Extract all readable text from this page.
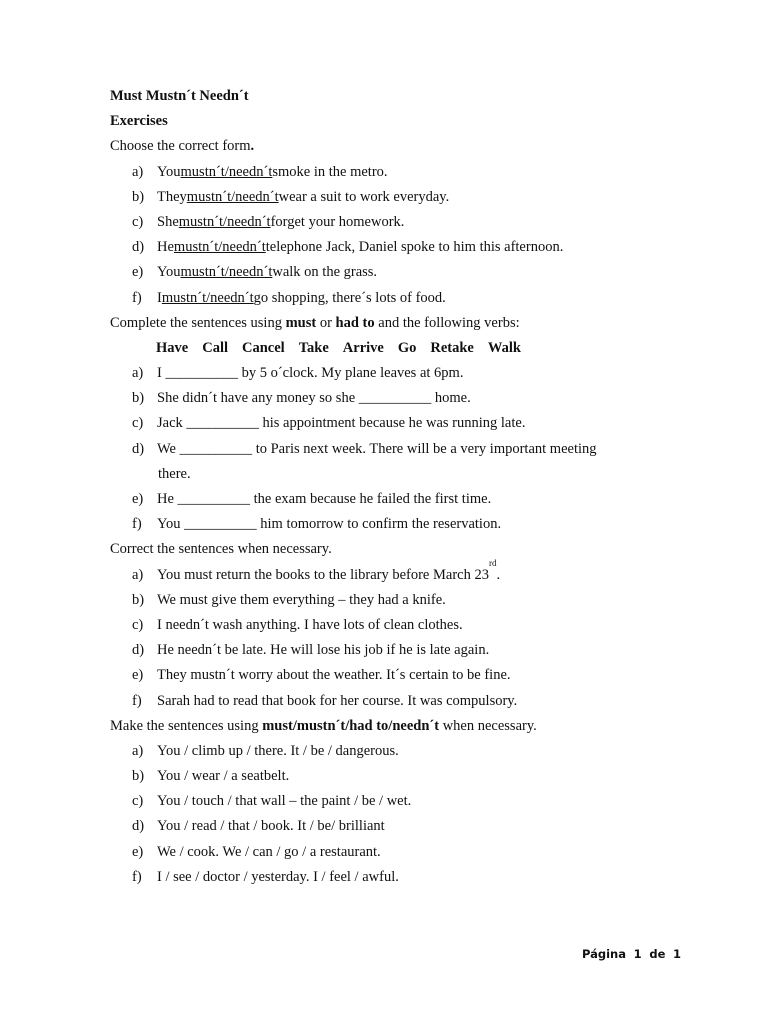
Must Mustn´t Needn´t
Exercises
Choose the correct form.
a) You mustn´t/needn´t smoke in the metro.
b) They mustn´t/needn´t wear a suit to work everyday.
c) She mustn´t/needn´t forget your homework.
d) He mustn´t/needn´t telephone Jack, Daniel spoke to him this afternoon.
e) You mustn´t/needn´t walk on the grass.
f)	I mustn´t/needn´t go shopping, there´s lots of food.
Complete the sentences using must or had to and the following verbs:
Have Call Cancel Take Arrive Go Retake Walk
a) I __________ by 5 o´clock. My plane leaves at 6pm.
b) She didn´t have any money so she __________ home.
c) Jack __________ his appointment because he was running late.
d) We __________ to Paris next week. There will be a very important meeting
there.
e) He __________ the exam because he failed the first time.
f)	You __________ him tomorrow to confirm the reservation.
Correct the sentences when necessary.
a) You must return the books to the library before March 23
rd
.
b) We must give them everything – they had a knife.
c) I needn´t wash anything. I have lots of clean clothes.
d) He needn´t be late. He will lose his job if he is late again.
e) They mustn´t worry about the weather. It´s certain to be fine.
f)	Sarah had to read that book for her course. It was compulsory.
Make the sentences using must/mustn´t/had to/needn´t when necessary.
a) You / climb up / there. It / be / dangerous.
b) You / wear / a seatbelt.
c) You / touch / that wall – the paint / be / wet.
d) You / read / that / book. It / be/ brilliant
e) We / cook. We / can / go / a restaurant.
f)	I / see / doctor / yesterday. I / feel / awful.
Página  1  de  1
